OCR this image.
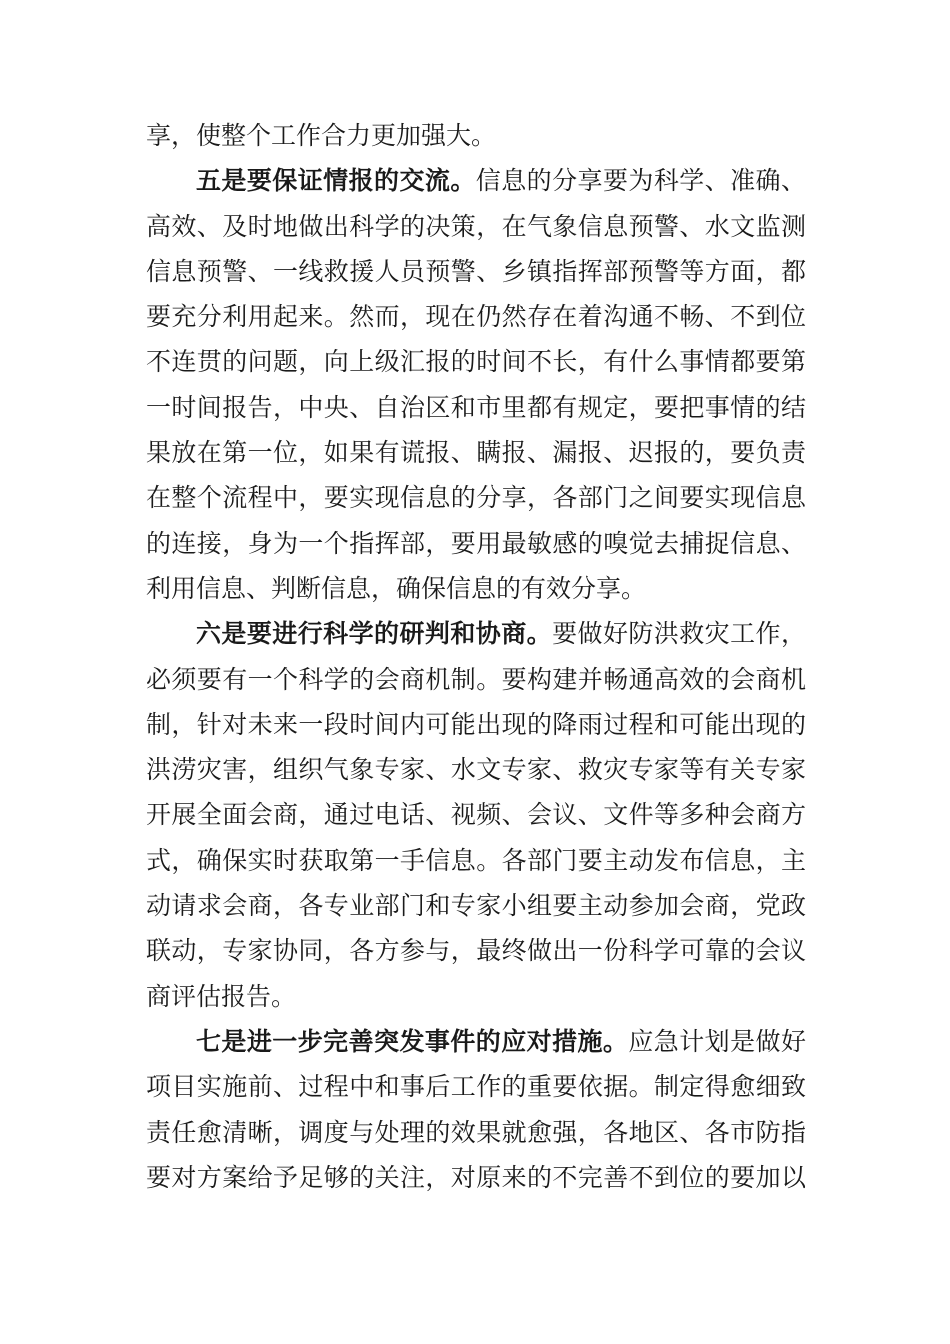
享，使整个工作合力更加强大。
五是要保证情报的交流。信息的分享要为科学、准确、
高效、及时地做出科学的决策，在气象信息预警、水文监测
信息预警、一线救援人员预警、乡镇指挥部预警等方面，都
要充分利用起来。然而，现在仍然存在着沟通不畅、不到位
不连贯的问题，向上级汇报的时间不长，有什么事情都要第
一时间报告，中央、自治区和市里都有规定，要把事情的结
果放在第一位，如果有谎报、瞒报、漏报、迟报的，要负责
在整个流程中，要实现信息的分享，各部门之间要实现信息
的连接，身为一个指挥部，要用最敏感的嗅觉去捕捉信息、
利用信息、判断信息，确保信息的有效分享。
六是要进行科学的研判和协商。要做好防洪救灾工作，
必须要有一个科学的会商机制。要构建并畅通高效的会商机
制，针对未来一段时间内可能出现的降雨过程和可能出现的
洪涝灾害，组织气象专家、水文专家、救灾专家等有关专家
开展全面会商，通过电话、视频、会议、文件等多种会商方
式，确保实时获取第一手信息。各部门要主动发布信息，主
动请求会商，各专业部门和专家小组要主动参加会商，党政
联动，专家协同，各方参与，最终做出一份科学可靠的会议
商评估报告。
七是进一步完善突发事件的应对措施。应急计划是做好
项目实施前、过程中和事后工作的重要依据。制定得愈细致
责任愈清晰，调度与处理的效果就愈强，各地区、各市防指
要对方案给予足够的关注，对原来的不完善不到位的要加以
